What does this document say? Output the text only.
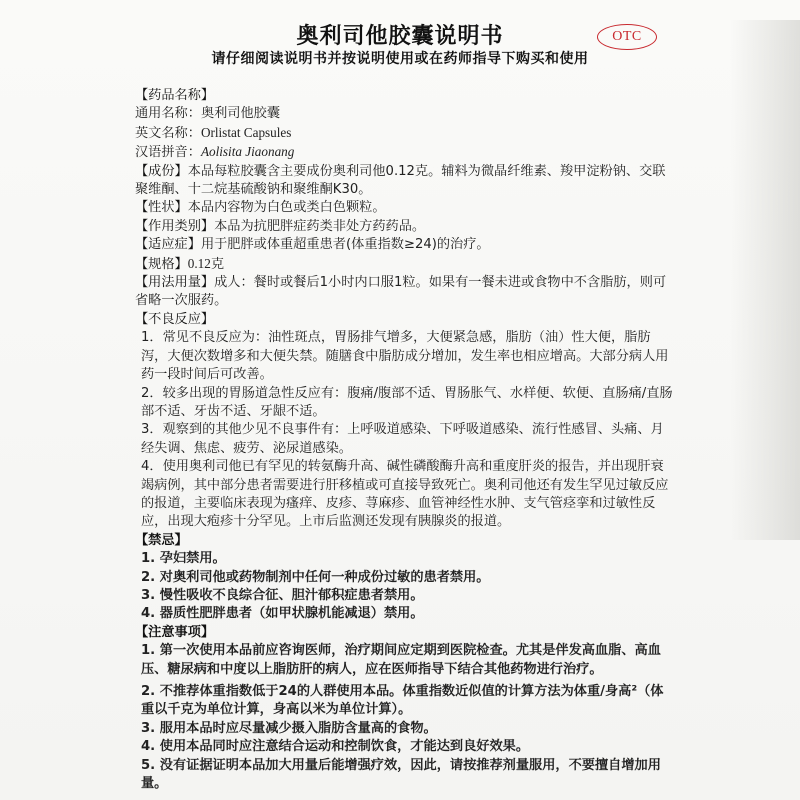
奥利司他胶囊说明书	OTC
请仔细阅读说明书并按说明使用或在药师指导下购买和使用

【药品名称】

通用名称：奥利司他胶囊

英文名称：Orlistat Capsules

汉语拼音：Aolisita Jiaonang

【成份】本品每粒胶囊含主要成份奥利司他0.12克。辅料为微晶纤维素、羧甲淀粉钠、交联聚维酮、十二烷基硫酸钠和聚维酮K30。

【性状】本品内容物为白色或类白色颗粒。

【作用类别】本品为抗肥胖症药类非处方药药品。

【适应症】用于肥胖或体重超重患者(体重指数≥24)的治疗。

【规格】0.12克

【用法用量】成人：餐时或餐后1小时内口服1粒。如果有一餐未进或食物中不含脂肪，则可省略一次服药。

【不良反应】

1．常见不良反应为：油性斑点，胃肠排气增多，大便紧急感，脂肪（油）性大便，脂肪泻，大便次数增多和大便失禁。随膳食中脂肪成分增加，发生率也相应增高。大部分病人用药一段时间后可改善。

2．较多出现的胃肠道急性反应有：腹痛/腹部不适、胃肠胀气、水样便、软便、直肠痛/直肠部不适、牙齿不适、牙龈不适。

3．观察到的其他少见不良事件有：上呼吸道感染、下呼吸道感染、流行性感冒、头痛、月经失调、焦虑、疲劳、泌尿道感染。

4．使用奥利司他已有罕见的转氨酶升高、碱性磷酸酶升高和重度肝炎的报告，并出现肝衰竭病例，其中部分患者需要进行肝移植或可直接导致死亡。奥利司他还有发生罕见过敏反应的报道，主要临床表现为瘙痒、皮疹、荨麻疹、血管神经性水肿、支气管痉挛和过敏性反应，出现大疱疹十分罕见。上市后监测还发现有胰腺炎的报道。

【禁忌】

1. 孕妇禁用。

2. 对奥利司他或药物制剂中任何一种成份过敏的患者禁用。

3. 慢性吸收不良综合征、胆汁郁积症患者禁用。

4. 器质性肥胖患者（如甲状腺机能减退）禁用。

【注意事项】

1. 第一次使用本品前应咨询医师，治疗期间应定期到医院检查。尤其是伴发高血脂、高血压、糖尿病和中度以上脂肪肝的病人，应在医师指导下结合其他药物进行治疗。

2. 不推荐体重指数低于24的人群使用本品。体重指数近似值的计算方法为体重/身高²（体重以千克为单位计算，身高以米为单位计算）。

3. 服用本品时应尽量减少摄入脂肪含量高的食物。

4. 使用本品同时应注意结合运动和控制饮食，才能达到良好效果。

5. 没有证据证明本品加大用量后能增强疗效，因此，请按推荐剂量服用，不要擅自增加用量。
